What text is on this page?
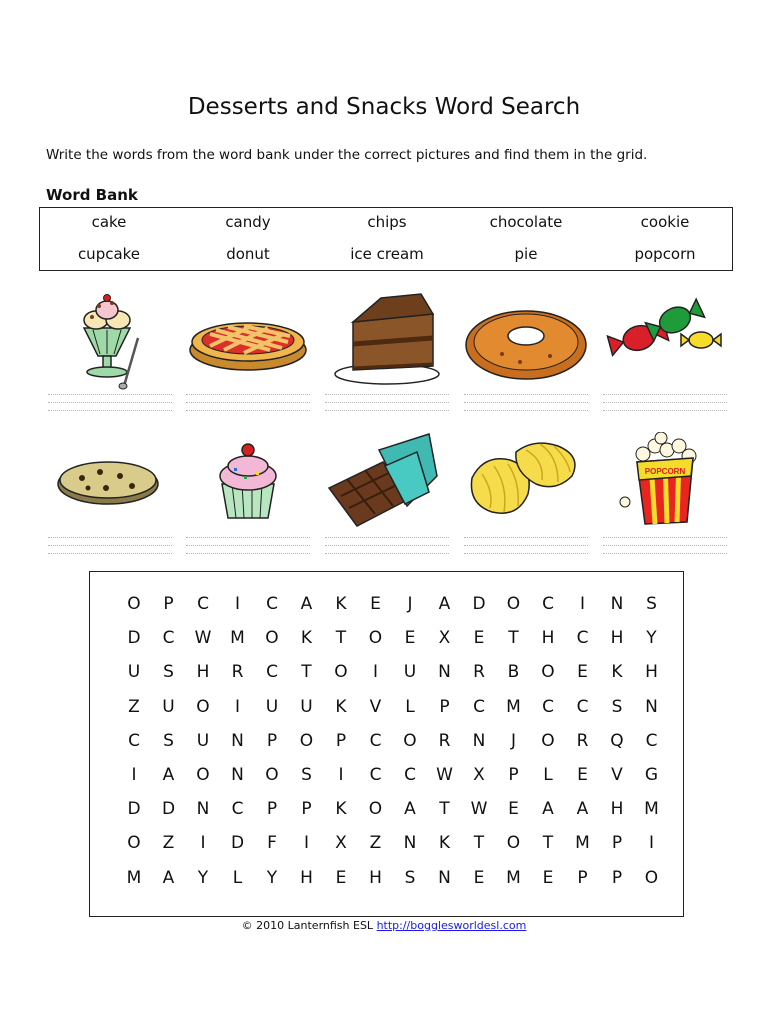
Desserts and Snacks Word Search
Write the words from the word bank under the correct pictures and find them in the grid.
Word Bank
cake	candy	chips	chocolate	cookie
cupcake	donut	ice cream	pie	popcorn
POPCORN
O	P	C	I	C	A	K	E	J	A	D	O	C	I	N	S
D	C	W	M	O	K	T	O	E	X	E	T	H	C	H	Y
U	S	H	R	C	T	O	I	U	N	R	B	O	E	K	H
Z	U	O	I	U	U	K	V	L	P	C	M	C	C	S	N
C	S	U	N	P	O	P	C	O	R	N	J	O	R	Q	C
I	A	O	N	O	S	I	C	C	W	X	P	L	E	V	G
D	D	N	C	P	P	K	O	A	T	W	E	A	A	H	M
O	Z	I	D	F	I	X	Z	N	K	T	O	T	M	P	I
M	A	Y	L	Y	H	E	H	S	N	E	M	E	P	P	O
© 2010 Lanternfish ESL http://bogglesworldesl.com
